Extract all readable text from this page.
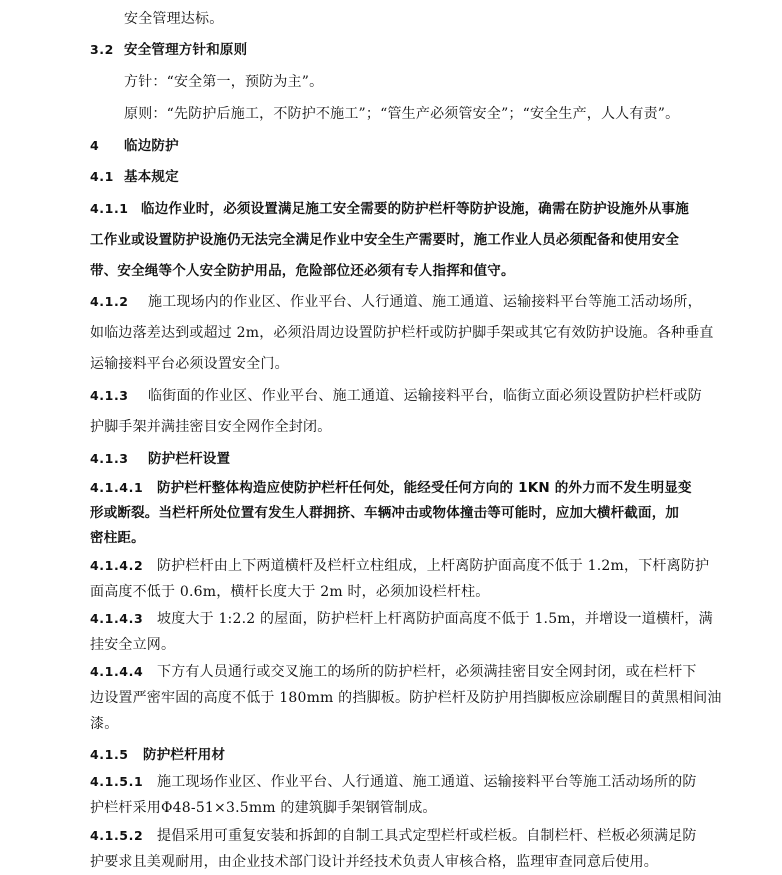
安全管理达标。
3.2 安全管理方针和原则
方针：“安全第一，预防为主”。
原则：“先防护后施工，不防护不施工”；“管生产必须管安全”；“安全生产，人人有责”。
4 临边防护
4.1 基本规定
4.1.1 临边作业时，必须设置满足施工安全需要的防护栏杆等防护设施，确需在防护设施外从事施
工作业或设置防护设施仍无法完全满足作业中安全生产需要时，施工作业人员必须配备和使用安全
带、安全绳等个人安全防护用品，危险部位还必须有专人指挥和值守。
4.1.2 施工现场内的作业区、作业平台、人行通道、施工通道、运输接料平台等施工活动场所，
如临边落差达到或超过 2m，必须沿周边设置防护栏杆或防护脚手架或其它有效防护设施。各种垂直
运输接料平台必须设置安全门。
4.1.3 临街面的作业区、作业平台、施工通道、运输接料平台，临街立面必须设置防护栏杆或防
护脚手架并满挂密目安全网作全封闭。
4.1.3 防护栏杆设置
4.1.4.1 防护栏杆整体构造应使防护栏杆任何处，能经受任何方向的 1KN 的外力而不发生明显变
形或断裂。当栏杆所处位置有发生人群拥挤、车辆冲击或物体撞击等可能时，应加大横杆截面，加
密柱距。
4.1.4.2 防护栏杆由上下两道横杆及栏杆立柱组成，上杆离防护面高度不低于 1.2m，下杆离防护
面高度不低于 0.6m，横杆长度大于 2m 时，必须加设栏杆柱。
4.1.4.3 坡度大于 1:2.2 的屋面，防护栏杆上杆离防护面高度不低于 1.5m，并增设一道横杆，满
挂安全立网。
4.1.4.4 下方有人员通行或交叉施工的场所的防护栏杆，必须满挂密目安全网封闭，或在栏杆下
边设置严密牢固的高度不低于 180mm 的挡脚板。防护栏杆及防护用挡脚板应涂刷醒目的黄黑相间油
漆。
4.1.5 防护栏杆用材
4.1.5.1 施工现场作业区、作业平台、人行通道、施工通道、运输接料平台等施工活动场所的防
护栏杆采用Φ48-51×3.5mm 的建筑脚手架钢管制成。
4.1.5.2 提倡采用可重复安装和拆卸的自制工具式定型栏杆或栏板。自制栏杆、栏板必须满足防
护要求且美观耐用，由企业技术部门设计并经技术负责人审核合格，监理审查同意后使用。
